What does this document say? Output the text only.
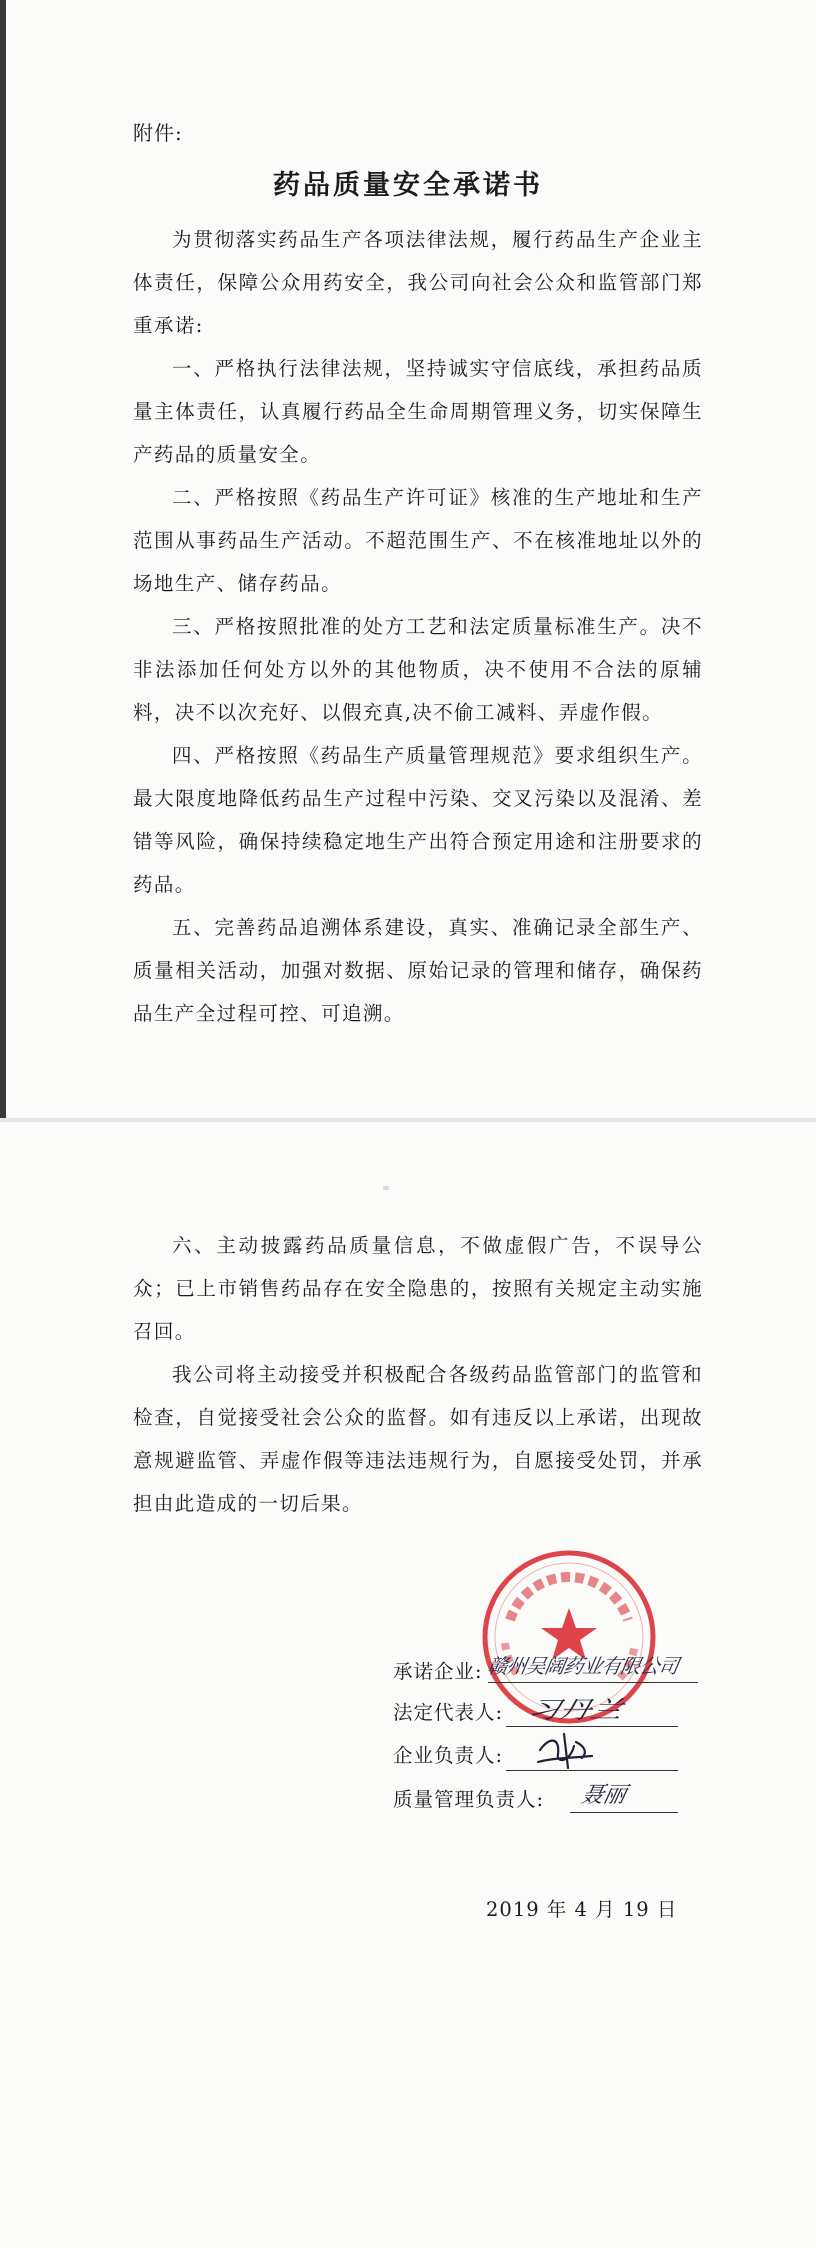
附件:
药品质量安全承诺书

为贯彻落实药品生产各项法律法规，履行药品生产企业主体责任，保障公众用药安全，我公司向社会公众和监管部门郑重承诺:

一、严格执行法律法规，坚持诚实守信底线，承担药品质量主体责任，认真履行药品全生命周期管理义务，切实保障生产药品的质量安全。

二、严格按照《药品生产许可证》核准的生产地址和生产范围从事药品生产活动。不超范围生产、不在核准地址以外的场地生产、储存药品。

三、严格按照批准的处方工艺和法定质量标准生产。决不非法添加任何处方以外的其他物质，决不使用不合法的原辅料，决不以次充好、以假充真,决不偷工减料、弄虚作假。

四、严格按照《药品生产质量管理规范》要求组织生产。最大限度地降低药品生产过程中污染、交叉污染以及混淆、差错等风险，确保持续稳定地生产出符合预定用途和注册要求的药品。

五、完善药品追溯体系建设，真实、准确记录全部生产、质量相关活动，加强对数据、原始记录的管理和储存，确保药品生产全过程可控、可追溯。

六、主动披露药品质量信息，不做虚假广告，不误导公众；已上市销售药品存在安全隐患的，按照有关规定主动实施召回。

我公司将主动接受并积极配合各级药品监管部门的监管和检查，自觉接受社会公众的监督。如有违反以上承诺，出现故意规避监管、弄虚作假等违法违规行为，自愿接受处罚，并承担由此造成的一切后果。

承诺企业: 赣州吴阔药业有限公司
法定代表人: 习丹兰
企业负责人:
质量管理负责人: 聂丽
2019 年 4 月 19 日
